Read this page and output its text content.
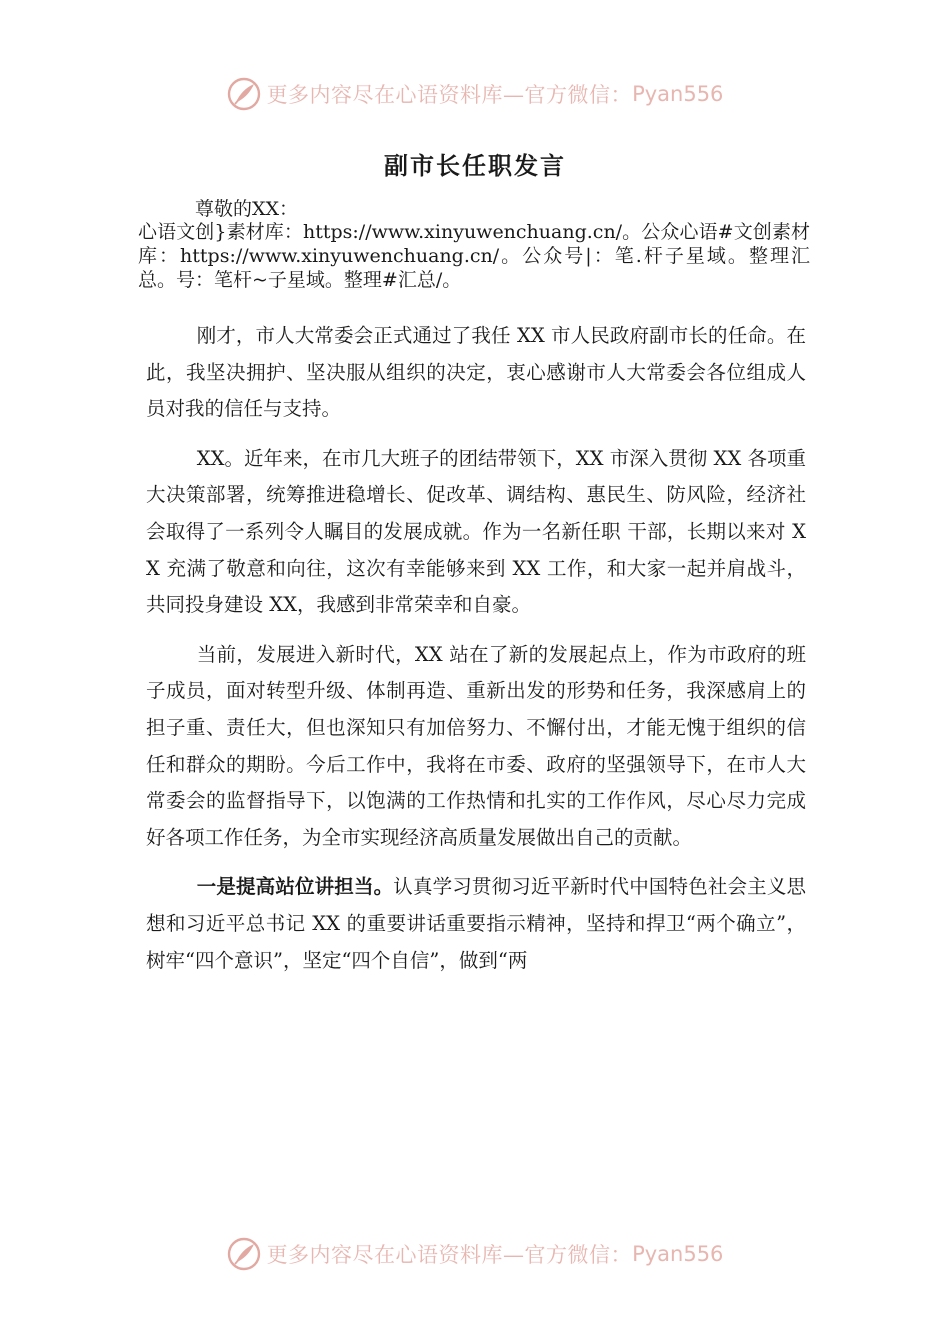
更多内容尽在心语资料库—官方微信： Pyan556
副市长任职发言

尊敬的XX：

心语文创}素材库：https://www.xinyuwenchuang.cn/。公众心语#文创素材库：https://www.xinyuwenchuang.cn/。公众号|：笔.杆子星域。整理汇总。号：笔杆~子星域。整理#汇总/。

刚才，市人大常委会正式通过了我任 XX 市人民政府副市长的任命。在此，我坚决拥护、坚决服从组织的决定，衷心感谢市人大常委会各位组成人员对我的信任与支持。

XX。近年来，在市几大班子的团结带领下，XX 市深入贯彻 XX 各项重大决策部署，统筹推进稳增长、促改革、调结构、惠民生、防风险，经济社会取得了一系列令人瞩目的发展成就。作为一名新任职 干部，长期以来对 XX 充满了敬意和向往，这次有幸能够来到 XX 工作，和大家一起并肩战斗，共同投身建设 XX，我感到非常荣幸和自豪。

当前，发展进入新时代，XX 站在了新的发展起点上，作为市政府的班子成员，面对转型升级、体制再造、重新出发的形势和任务，我深感肩上的担子重、责任大，但也深知只有加倍努力、不懈付出，才能无愧于组织的信任和群众的期盼。今后工作中，我将在市委、政府的坚强领导下，在市人大常委会的监督指导下，以饱满的工作热情和扎实的工作作风，尽心尽力完成好各项工作任务，为全市实现经济高质量发展做出自己的贡献。

一是提高站位讲担当。认真学习贯彻习近平新时代中国特色社会主义思想和习近平总书记 XX 的重要讲话重要指示精神，坚持和捍卫“两个确立”，树牢“四个意识”，坚定“四个自信”，做到“两

更多内容尽在心语资料库—官方微信： Pyan556
